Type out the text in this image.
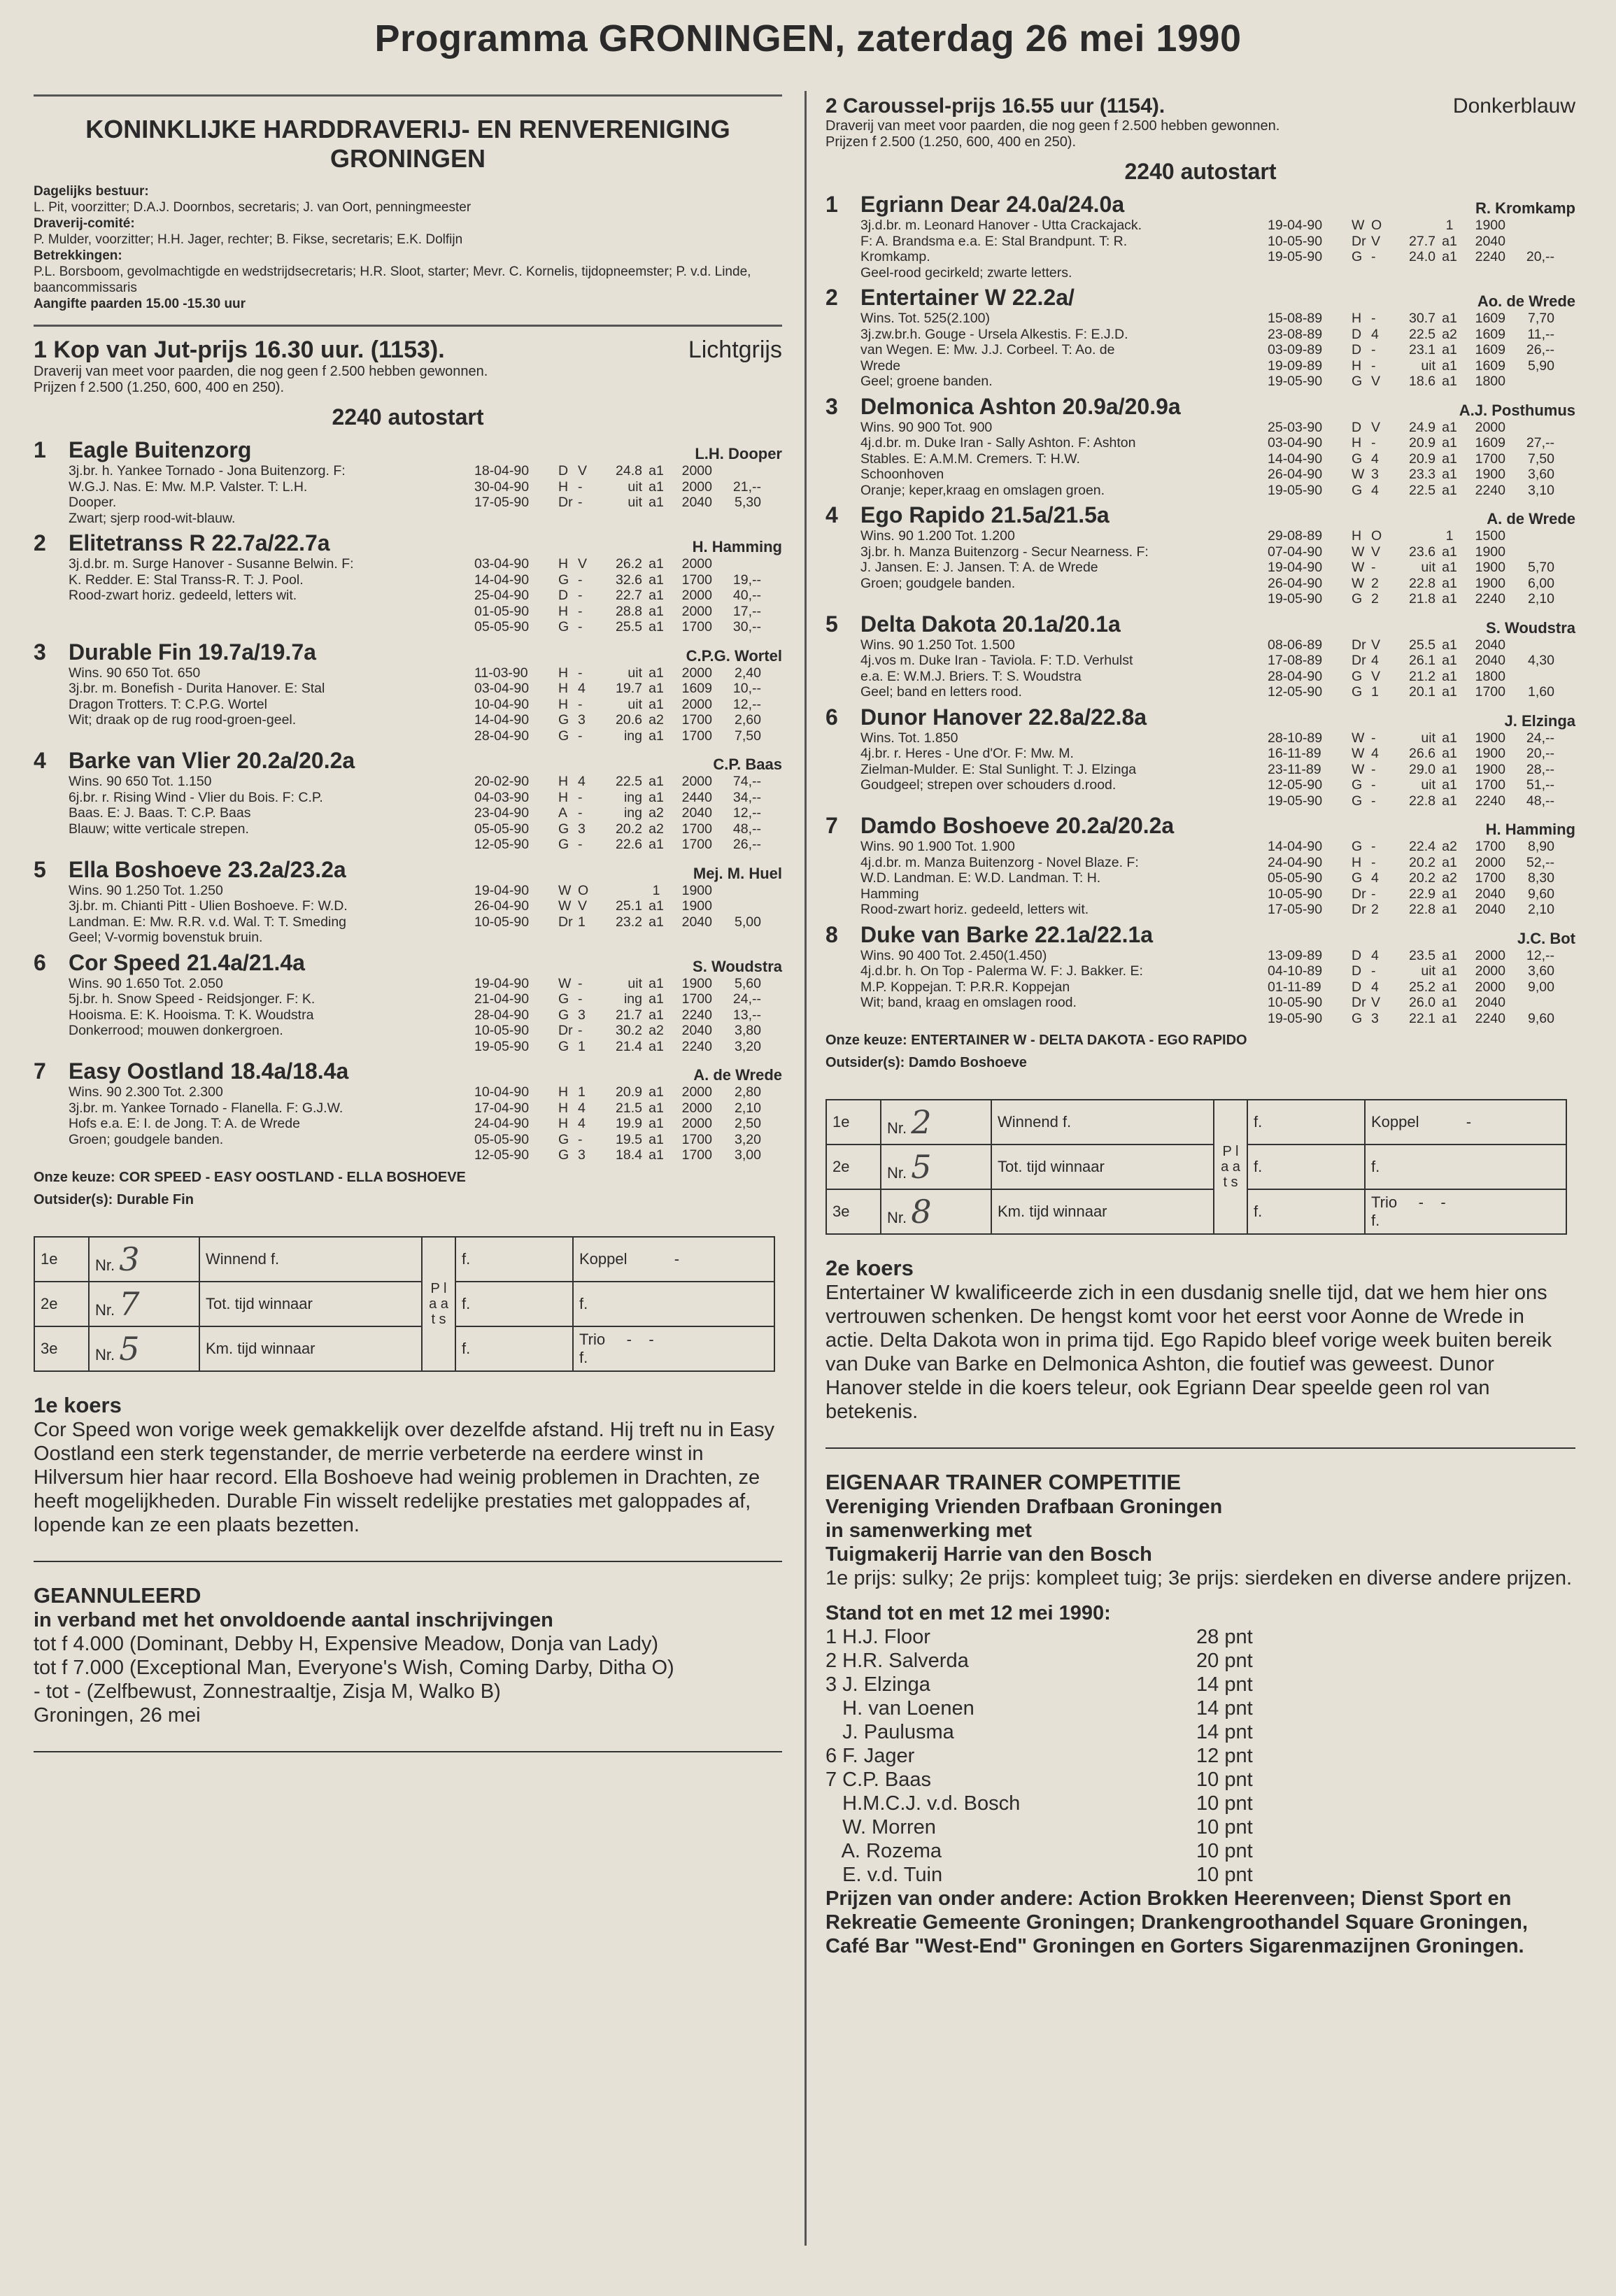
Programma GRONINGEN, zaterdag 26 mei 1990
KONINKLIJKE HARDDRAVERIJ- EN RENVERENIGING GRONINGEN
Dagelijks bestuur:
L. Pit, voorzitter; D.A.J. Doornbos, secretaris; J. van Oort, penningmeester
Draverij-comité:
P. Mulder, voorzitter; H.H. Jager, rechter; B. Fikse, secretaris; E.K. Dolfijn
Betrekkingen:
P.L. Borsboom, gevolmachtigde en wedstrijdsecretaris; H.R. Sloot, starter; Mevr. C. Kornelis, tijdopneemster; P. v.d. Linde, baancommissaris
Aangifte paarden 15.00 -15.30 uur
1 Kop van Jut-prijs 16.30 uur. (1153).	Lichtgrijs
Draverij van meet voor paarden, die nog geen f 2.500 hebben gewonnen.
Prijzen f 2.500 (1.250, 600, 400 en 250).
2240 autostart
1	Eagle Buitenzorg	L.H. Dooper
3j.br. h. Yankee Tornado - Jona Buitenzorg. F:
W.G.J. Nas. E: Mw. M.P. Valster. T: L.H.
Dooper.
Zwart; sjerp rood-wit-blauw.
18-04-90	D V	24.8 a1	2000
30-04-90	H -	uit a1	2000	21,--
17-05-90	Dr -	uit a1	2040	5,30
2	Elitetranss R 22.7a/22.7a	H. Hamming
3j.d.br. m. Surge Hanover - Susanne Belwin. F:
K. Redder. E: Stal Transs-R. T: J. Pool.
Rood-zwart horiz. gedeeld, letters wit.
03-04-90	H V	26.2 a1	2000
14-04-90	G -	32.6 a1	1700	19,--
25-04-90	D -	22.7 a1	2000	40,--
01-05-90	H -	28.8 a1	2000	17,--
05-05-90	G -	25.5 a1	1700	30,--
3	Durable Fin 19.7a/19.7a	C.P.G. Wortel
Wins. 90 650 Tot. 650
3j.br. m. Bonefish - Durita Hanover. E: Stal
Dragon Trotters. T: C.P.G. Wortel
Wit; draak op de rug rood-groen-geel.
11-03-90	H -	uit a1	2000	2,40
03-04-90	H 4	19.7 a1	1609	10,--
10-04-90	H -	uit a1	2000	12,--
14-04-90	G 3	20.6 a2	1700	2,60
28-04-90	G -	ing a1	1700	7,50
4	Barke van Vlier 20.2a/20.2a	C.P. Baas
Wins. 90 650 Tot. 1.150
6j.br. r. Rising Wind - Vlier du Bois. F: C.P.
Baas. E: J. Baas. T: C.P. Baas
Blauw; witte verticale strepen.
20-02-90	H 4	22.5 a1	2000	74,--
04-03-90	H -	ing a1	2440	34,--
23-04-90	A -	ing a2	2040	12,--
05-05-90	G 3	20.2 a2	1700	48,--
12-05-90	G -	22.6 a1	1700	26,--
5	Ella Boshoeve 23.2a/23.2a	Mej. M. Huel
Wins. 90 1.250 Tot. 1.250
3j.br. m. Chianti Pitt - Ulien Boshoeve. F: W.D.
Landman. E: Mw. R.R. v.d. Wal. T: T. Smeding
Geel; V-vormig bovenstuk bruin.
19-04-90	W O	1	1900
26-04-90	W V	25.1 a1	1900
10-05-90	Dr 1	23.2 a1	2040	5,00
6	Cor Speed 21.4a/21.4a	S. Woudstra
Wins. 90 1.650 Tot. 2.050
5j.br. h. Snow Speed - Reidsjonger. F: K.
Hooisma. E: K. Hooisma. T: K. Woudstra
Donkerrood; mouwen donkergroen.
19-04-90	W -	uit a1	1900	5,60
21-04-90	G -	ing a1	1700	24,--
28-04-90	G 3	21.7 a1	2240	13,--
10-05-90	Dr -	30.2 a2	2040	3,80
19-05-90	G 1	21.4 a1	2240	3,20
7	Easy Oostland 18.4a/18.4a	A. de Wrede
Wins. 90 2.300 Tot. 2.300
3j.br. m. Yankee Tornado - Flanella. F: G.J.W.
Hofs e.a. E: I. de Jong. T: A. de Wrede
Groen; goudgele banden.
10-04-90	H 1	20.9 a1	2000	2,80
17-04-90	H 4	21.5 a1	2000	2,10
24-04-90	H 4	19.9 a1	2000	2,50
05-05-90	G -	19.5 a1	1700	3,20
12-05-90	G 3	18.4 a1	1700	3,00
Onze keuze: COR SPEED - EASY OOSTLAND - ELLA BOSHOEVE
Outsider(s): Durable Fin
1e	Nr. 3	Winnend f.	P l a a t s	f.	Koppel -
2e	Nr. 7	Tot. tijd winnaar		f.	f.
3e	Nr. 5	Km. tijd winnaar		f.	Trio - -
f.
1e koers
Cor Speed won vorige week gemakkelijk over dezelfde afstand. Hij treft nu in Easy Oostland een sterk tegenstander, de merrie verbeterde na eerdere winst in Hilversum hier haar record. Ella Boshoeve had weinig problemen in Drachten, ze heeft mogelijkheden. Durable Fin wisselt redelijke prestaties met galoppades af, lopende kan ze een plaats bezetten.
GEANNULEERD
in verband met het onvoldoende aantal inschrijvingen
tot f 4.000 (Dominant, Debby H, Expensive Meadow, Donja van Lady)
tot f 7.000 (Exceptional Man, Everyone's Wish, Coming Darby, Ditha O)
- tot - (Zelfbewust, Zonnestraaltje, Zisja M, Walko B)
Groningen, 26 mei
2 Caroussel-prijs 16.55 uur (1154).	Donkerblauw
Draverij van meet voor paarden, die nog geen f 2.500 hebben gewonnen.
Prijzen f 2.500 (1.250, 600, 400 en 250).
2240 autostart
1	Egriann Dear 24.0a/24.0a	R. Kromkamp
3j.d.br. m. Leonard Hanover - Utta Crackajack.
F: A. Brandsma e.a. E: Stal Brandpunt. T: R.
Kromkamp.
Geel-rood gecirkeld; zwarte letters.
19-04-90	W O	1	1900
10-05-90	Dr V	27.7 a1	2040
19-05-90	G -	24.0 a1	2240	20,--
2	Entertainer W 22.2a/	Ao. de Wrede
Wins. Tot. 525(2.100)
3j.zw.br.h. Gouge - Ursela Alkestis. F: E.J.D.
van Wegen. E: Mw. J.J. Corbeel. T: Ao. de
Wrede
Geel; groene banden.
15-08-89	H -	30.7 a1	1609	7,70
23-08-89	D 4	22.5 a2	1609	11,--
03-09-89	D -	23.1 a1	1609	26,--
19-09-89	H -	uit a1	1609	5,90
19-05-90	G V	18.6 a1	1800
3	Delmonica Ashton 20.9a/20.9a	A.J. Posthumus
Wins. 90 900 Tot. 900
4j.d.br. m. Duke Iran - Sally Ashton. F: Ashton
Stables. E: A.M.M. Cremers. T: H.W.
Schoonhoven
Oranje; keper,kraag en omslagen groen.
25-03-90	D V	24.9 a1	2000
03-04-90	H -	20.9 a1	1609	27,--
14-04-90	G 4	20.9 a1	1700	7,50
26-04-90	W 3	23.3 a1	1900	3,60
19-05-90	G 4	22.5 a1	2240	3,10
4	Ego Rapido 21.5a/21.5a	A. de Wrede
Wins. 90 1.200 Tot. 1.200
3j.br. h. Manza Buitenzorg - Secur Nearness. F:
J. Jansen. E: J. Jansen. T: A. de Wrede
Groen; goudgele banden.
29-08-89	H O	1	1500
07-04-90	W V	23.6 a1	1900
19-04-90	W -	uit a1	1900	5,70
26-04-90	W 2	22.8 a1	1900	6,00
19-05-90	G 2	21.8 a1	2240	2,10
5	Delta Dakota 20.1a/20.1a	S. Woudstra
Wins. 90 1.250 Tot. 1.500
4j.vos m. Duke Iran - Taviola. F: T.D. Verhulst
e.a. E: W.M.J. Briers. T: S. Woudstra
Geel; band en letters rood.
08-06-89	Dr V	25.5 a1	2040
17-08-89	Dr 4	26.1 a1	2040	4,30
28-04-90	G V	21.2 a1	1800
12-05-90	G 1	20.1 a1	1700	1,60
6	Dunor Hanover 22.8a/22.8a	J. Elzinga
Wins. Tot. 1.850
4j.br. r. Heres - Une d'Or. F: Mw. M.
Zielman-Mulder. E: Stal Sunlight. T: J. Elzinga
Goudgeel; strepen over schouders d.rood.
28-10-89	W -	uit a1	1900	24,--
16-11-89	W 4	26.6 a1	1900	20,--
23-11-89	W -	29.0 a1	1900	28,--
12-05-90	G -	uit a1	1700	51,--
19-05-90	G -	22.8 a1	2240	48,--
7	Damdo Boshoeve 20.2a/20.2a	H. Hamming
Wins. 90 1.900 Tot. 1.900
4j.d.br. m. Manza Buitenzorg - Novel Blaze. F:
W.D. Landman. E: W.D. Landman. T: H.
Hamming
Rood-zwart horiz. gedeeld, letters wit.
14-04-90	G -	22.4 a2	1700	8,90
24-04-90	H -	20.2 a1	2000	52,--
05-05-90	G 4	20.2 a2	1700	8,30
10-05-90	Dr -	22.9 a1	2040	9,60
17-05-90	Dr 2	22.8 a1	2040	2,10
8	Duke van Barke 22.1a/22.1a	J.C. Bot
Wins. 90 400 Tot. 2.450(1.450)
4j.d.br. h. On Top - Palerma W. F: J. Bakker. E:
M.P. Koppejan. T: P.R.R. Koppejan
Wit; band, kraag en omslagen rood.
13-09-89	D 4	23.5 a1	2000	12,--
04-10-89	D -	uit a1	2000	3,60
01-11-89	D 4	25.2 a1	2000	9,00
10-05-90	Dr V	26.0 a1	2040
19-05-90	G 3	22.1 a1	2240	9,60
Onze keuze: ENTERTAINER W - DELTA DAKOTA - EGO RAPIDO
Outsider(s): Damdo Boshoeve
1e	Nr. 2	Winnend f.	P l a a t s	f.	Koppel -
2e	Nr. 5	Tot. tijd winnaar		f.	f.
3e	Nr. 8	Km. tijd winnaar		f.	Trio - -
f.
2e koers
Entertainer W kwalificeerde zich in een dusdanig snelle tijd, dat we hem hier ons vertrouwen schenken. De hengst komt voor het eerst voor Aonne de Wrede in actie. Delta Dakota won in prima tijd. Ego Rapido bleef vorige week buiten bereik van Duke van Barke en Delmonica Ashton, die foutief was geweest. Dunor Hanover stelde in die koers teleur, ook Egriann Dear speelde geen rol van betekenis.
EIGENAAR TRAINER COMPETITIE
Vereniging Vrienden Drafbaan Groningen
in samenwerking met
Tuigmakerij Harrie van den Bosch
1e prijs: sulky; 2e prijs: kompleet tuig; 3e prijs: sierdeken en diverse andere prijzen.
Stand tot en met 12 mei 1990:
1 H.J. Floor	28 pnt
2 H.R. Salverda	20 pnt
3 J. Elzinga	14 pnt
H. van Loenen	14 pnt
J. Paulusma	14 pnt
6 F. Jager	12 pnt
7 C.P. Baas	10 pnt
H.M.C.J. v.d. Bosch	10 pnt
W. Morren	10 pnt
A. Rozema	10 pnt
E. v.d. Tuin	10 pnt
Prijzen van onder andere: Action Brokken Heerenveen; Dienst Sport en Rekreatie Gemeente Groningen; Drankengroothandel Square Groningen, Café Bar "West-End" Groningen en Gorters Sigarenmazijnen Groningen.
